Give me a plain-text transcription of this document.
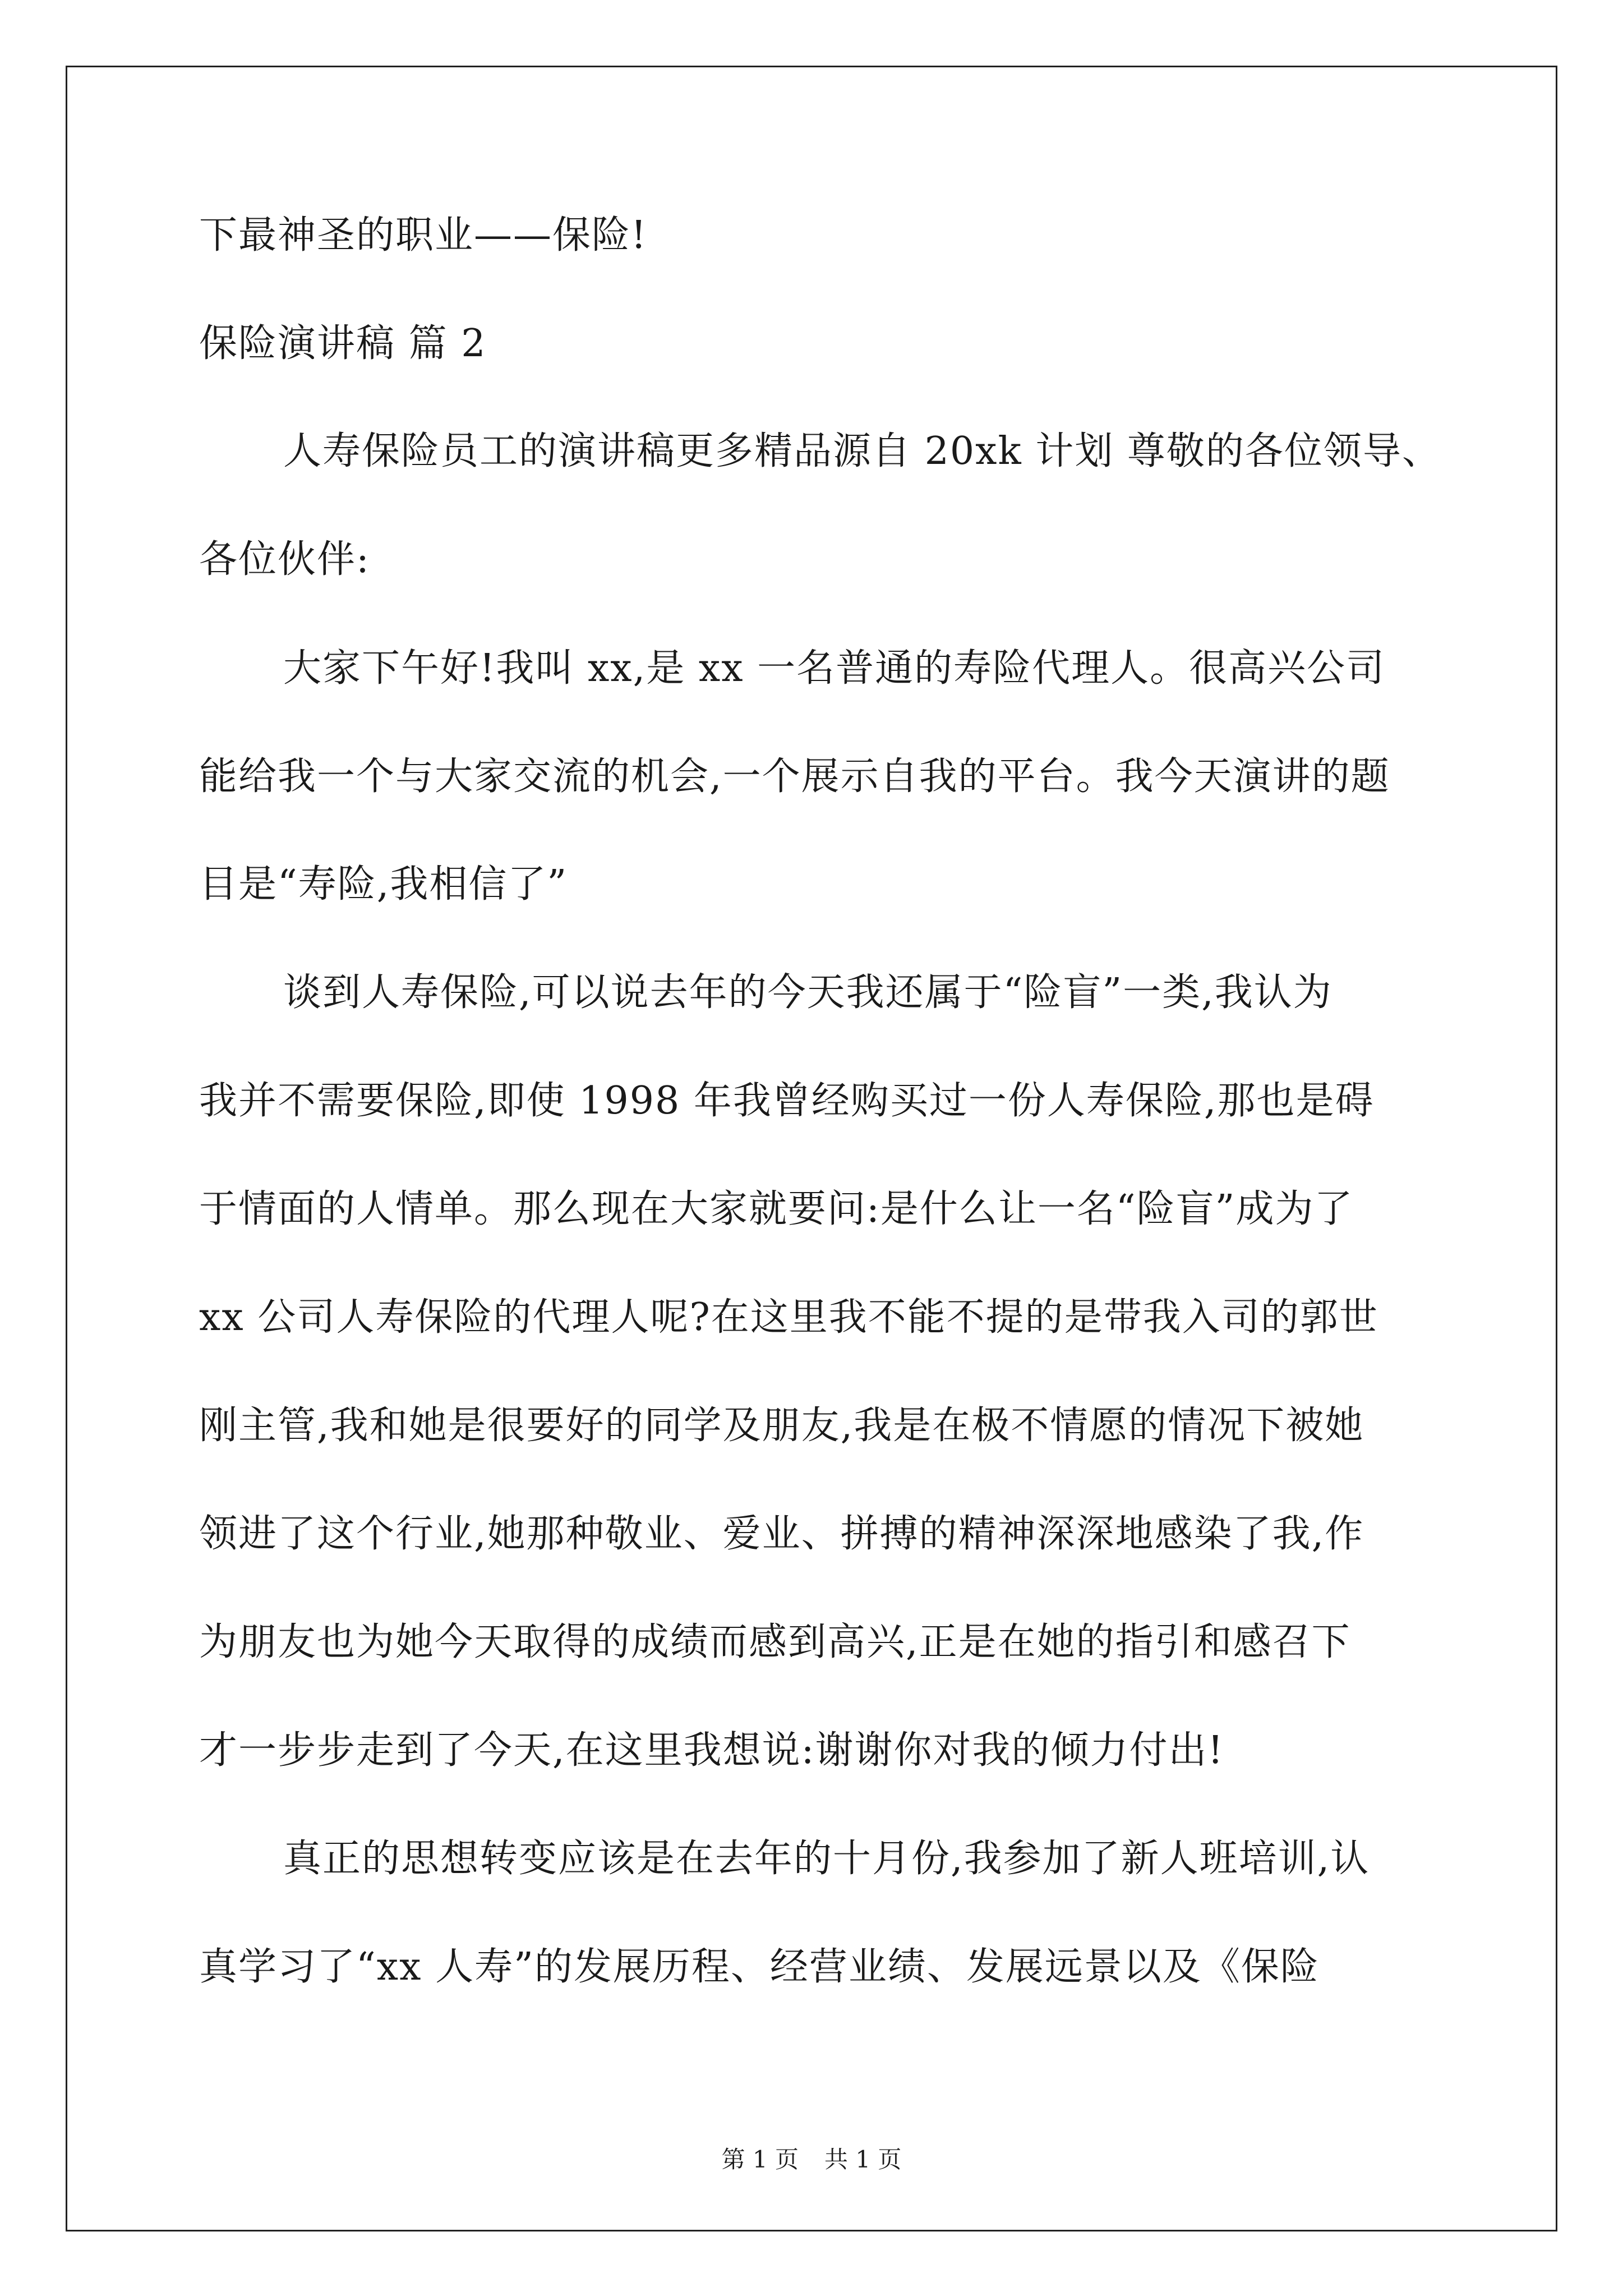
下最神圣的职业——保险!
保险演讲稿 篇 2
人寿保险员工的演讲稿更多精品源自 20xk 计划 尊敬的各位领导、
各位伙伴:
大家下午好!我叫 xx,是 xx 一名普通的寿险代理人。很高兴公司
能给我一个与大家交流的机会,一个展示自我的平台。我今天演讲的题
目是“寿险,我相信了”
谈到人寿保险,可以说去年的今天我还属于“险盲”一类,我认为
我并不需要保险,即使 1998 年我曾经购买过一份人寿保险,那也是碍
于情面的人情单。那么现在大家就要问:是什么让一名“险盲”成为了
xx 公司人寿保险的代理人呢?在这里我不能不提的是带我入司的郭世
刚主管,我和她是很要好的同学及朋友,我是在极不情愿的情况下被她
领进了这个行业,她那种敬业、爱业、拼搏的精神深深地感染了我,作
为朋友也为她今天取得的成绩而感到高兴,正是在她的指引和感召下
才一步步走到了今天,在这里我想说:谢谢你对我的倾力付出!
真正的思想转变应该是在去年的十月份,我参加了新人班培训,认
真学习了“xx 人寿”的发展历程、经营业绩、发展远景以及《保险
第 1 页 共 1 页
